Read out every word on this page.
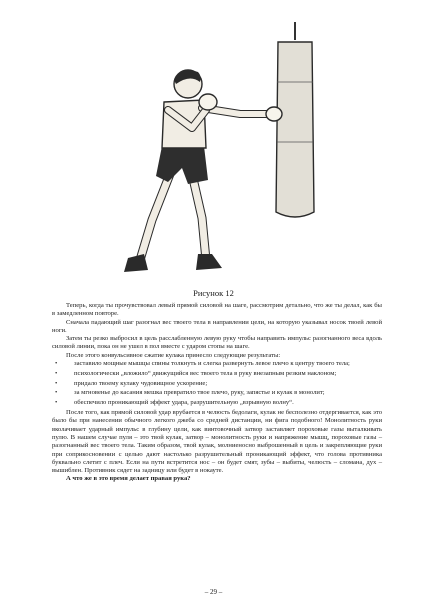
Рисунок 12

Теперь, когда ты прочувствовал левый прямой силовой на шаге, рассмотрим детально, что же ты делал, как бы в замедленном повторе.

Сначала падающий шаг разогнал вес твоего тела в направлении цели, на которую указывал носок твоей левой ноги.

Затем ты резко выбросил в цель расслабленную левую руку чтобы направить импульс разогнанного веса вдоль силовой линии, пока он не ушел в пол вместе с ударом стопы на шаге.

После этого конвульсивное сжатие кулака принесло следующие результаты:

• заставило мощные мышцы спины толкнуть и слегка развернуть левое плечо к центру твоего тела;
• психологически „вложило“ движущийся вес твоего тела в руку внезапным резким наклоном;
• придало твоему кулаку чудовищное ускорение;
• за мгновенье до касания мешка превратило твое плечо, руку, запястье и кулак в монолит;
• обеспечило проникающий эффект удара, разрушительную „взрывную волну“.

После того, как прямой силовой удар врубается в челюсть бедолаги, кулак не бесполезно отдергивается, как это было бы при нанесении обычного легкого джеба со средней дистанции, ни фига подобного! Монолитность руки вколачивает ударный импульс в глубину цели, как винтовочный затвор заставляет пороховые газы выталкивать пулю. В нашем случае пуля – это твой кулак, затвор – монолитность руки и напряжение мышц, пороховые газы – разогнанный вес твоего тела. Таким образом, твой кулак, молниеносно выброшенный в цель и закрепляющие руки при соприкосновении с целью дают настолько разрушительный проникающий эффект, что голова противника буквально слетит с плеч. Если на пути встретится нос – он будет смят, зубы – выбиты, челюсть – сломана, дух – вышиблен. Противник сядет на задницу или будет в нокауте.

А что же в это время делает правая рука?

– 29 –
